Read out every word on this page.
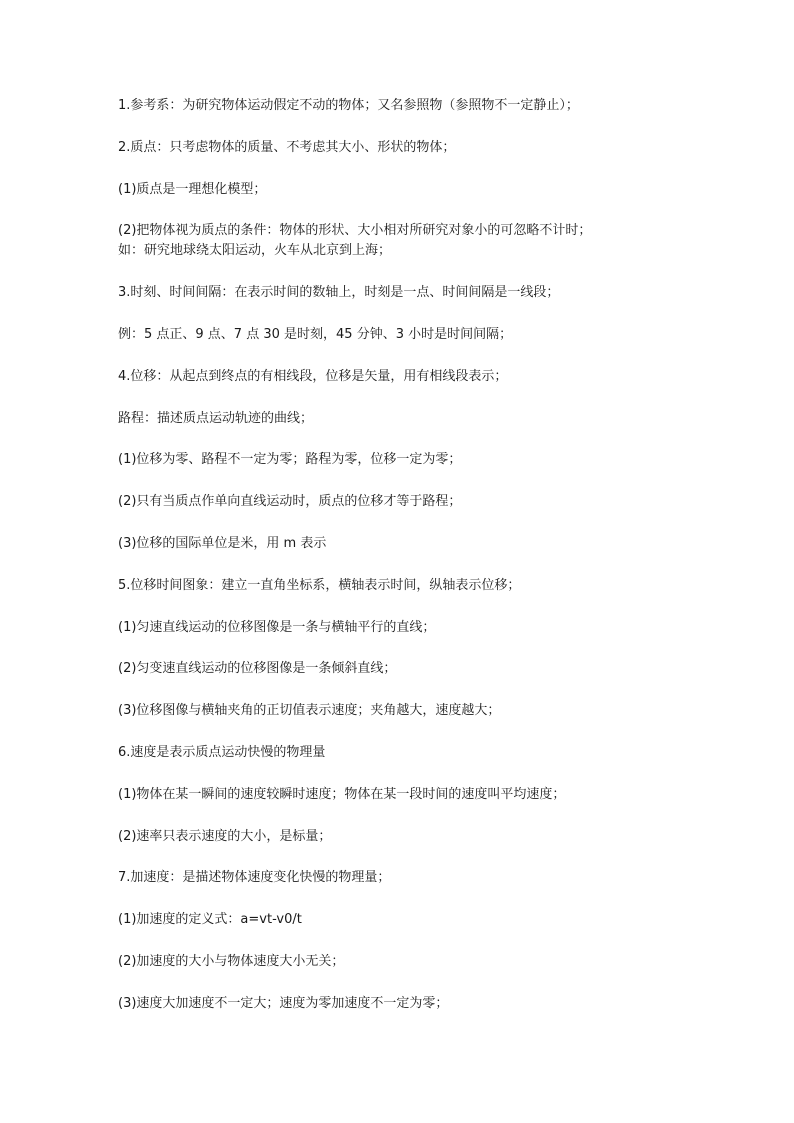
1.参考系：为研究物体运动假定不动的物体；又名参照物（参照物不一定静止）；

2.质点：只考虑物体的质量、不考虑其大小、形状的物体；

(1)质点是一理想化模型；

(2)把物体视为质点的条件：物体的形状、大小相对所研究对象小的可忽略不计时；
如：研究地球绕太阳运动，火车从北京到上海；

3.时刻、时间间隔：在表示时间的数轴上，时刻是一点、时间间隔是一线段；

例：5 点正、9 点、7 点 30 是时刻，45 分钟、3 小时是时间间隔；

4.位移：从起点到终点的有相线段，位移是矢量，用有相线段表示；

路程：描述质点运动轨迹的曲线；

(1)位移为零、路程不一定为零；路程为零，位移一定为零；

(2)只有当质点作单向直线运动时，质点的位移才等于路程；

(3)位移的国际单位是米，用 m 表示

5.位移时间图象：建立一直角坐标系，横轴表示时间，纵轴表示位移；

(1)匀速直线运动的位移图像是一条与横轴平行的直线；

(2)匀变速直线运动的位移图像是一条倾斜直线；

(3)位移图像与横轴夹角的正切值表示速度；夹角越大，速度越大；

6.速度是表示质点运动快慢的物理量

(1)物体在某一瞬间的速度较瞬时速度；物体在某一段时间的速度叫平均速度；

(2)速率只表示速度的大小，是标量；

7.加速度：是描述物体速度变化快慢的物理量；

(1)加速度的定义式：a=vt-v0/t

(2)加速度的大小与物体速度大小无关；

(3)速度大加速度不一定大；速度为零加速度不一定为零；
